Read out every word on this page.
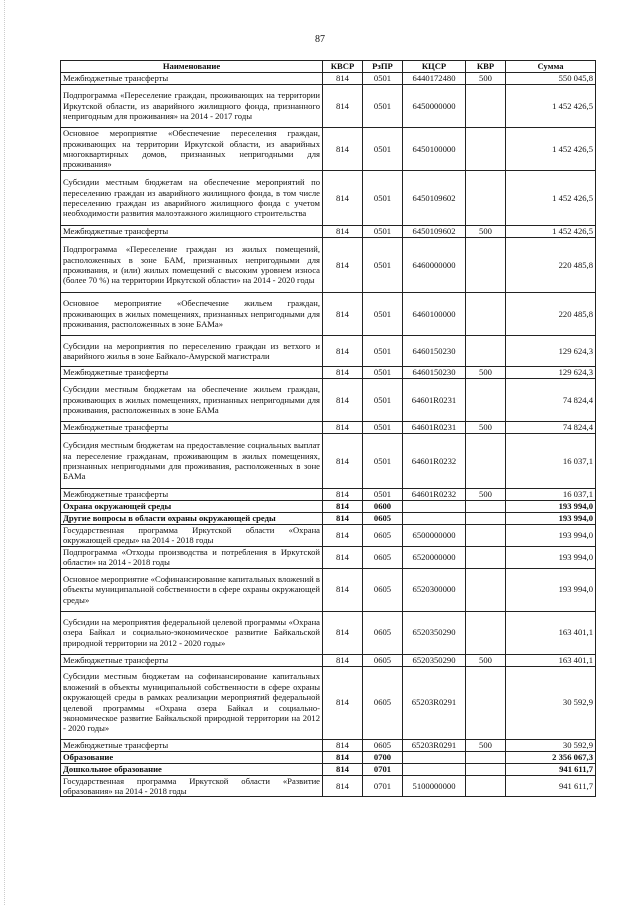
87
Наименование	КВСР	РзПР	КЦСР	КВР	Сумма
Межбюджетные трансферты	814	0501	6440172480	500	550 045,8
Подпрограмма «Переселение граждан, проживающих на территории Иркутской области, из аварийного жилищного фонда, признанного непригодным для проживания» на 2014 - 2017 годы	814	0501	6450000000		1 452 426,5
Основное мероприятие «Обеспечение переселения граждан, проживающих на территории Иркутской области, из аварийных многоквартирных домов, признанных непригодными для проживания»	814	0501	6450100000		1 452 426,5
Субсидии местным бюджетам на обеспечение мероприятий по переселению граждан из аварийного жилищного фонда, в том числе переселению граждан из аварийного жилищного фонда с учетом необходимости развития малоэтажного жилищного строительства	814	0501	6450109602		1 452 426,5
Межбюджетные трансферты	814	0501	6450109602	500	1 452 426,5
Подпрограмма «Переселение граждан из жилых помещений, расположенных в зоне БАМ, признанных непригодными для проживания, и (или) жилых помещений с высоким уровнем износа (более 70 %) на территории Иркутской области» на 2014 - 2020 годы	814	0501	6460000000		220 485,8
Основное мероприятие «Обеспечение жильем граждан, проживающих в жилых помещениях, признанных непригодными для проживания, расположенных в зоне БАМа»	814	0501	6460100000		220 485,8
Субсидии на мероприятия по переселению граждан из ветхого и аварийного жилья в зоне Байкало-Амурской магистрали	814	0501	6460150230		129 624,3
Межбюджетные трансферты	814	0501	6460150230	500	129 624,3
Субсидии местным бюджетам на обеспечение жильем граждан, проживающих в жилых помещениях, признанных непригодными для проживания, расположенных в зоне БАМа	814	0501	64601R0231		74 824,4
Межбюджетные трансферты	814	0501	64601R0231	500	74 824,4
Субсидия местным бюджетам на предоставление социальных выплат на переселение гражданам, проживающим в жилых помещениях, признанных непригодными для проживания, расположенных в зоне БАМа	814	0501	64601R0232		16 037,1
Межбюджетные трансферты	814	0501	64601R0232	500	16 037,1
Охрана окружающей среды	814	0600			193 994,0
Другие вопросы в области охраны окружающей среды	814	0605			193 994,0
Государственная программа Иркутской области «Охрана окружающей среды» на 2014 - 2018 годы	814	0605	6500000000		193 994,0
Подпрограмма «Отходы производства и потребления в Иркутской области» на 2014 - 2018 годы	814	0605	6520000000		193 994,0
Основное мероприятие «Софинансирование капитальных вложений в объекты муниципальной собственности в сфере охраны окружающей среды»	814	0605	6520300000		193 994,0
Субсидии на мероприятия федеральной целевой программы «Охрана озера Байкал и социально-экономическое развитие Байкальской природной территории на 2012 - 2020 годы»	814	0605	6520350290		163 401,1
Межбюджетные трансферты	814	0605	6520350290	500	163 401,1
Субсидии местным бюджетам на софинансирование капитальных вложений в объекты муниципальной собственности в сфере охраны окружающей среды в рамках реализации мероприятий федеральной целевой программы «Охрана озера Байкал и социально-экономическое развитие Байкальской природной территории на 2012 - 2020 годы»	814	0605	65203R0291		30 592,9
Межбюджетные трансферты	814	0605	65203R0291	500	30 592,9
Образование	814	0700			2 356 067,3
Дошкольное образование	814	0701			941 611,7
Государственная программа Иркутской области «Развитие образования» на 2014 - 2018 годы	814	0701	5100000000		941 611,7
